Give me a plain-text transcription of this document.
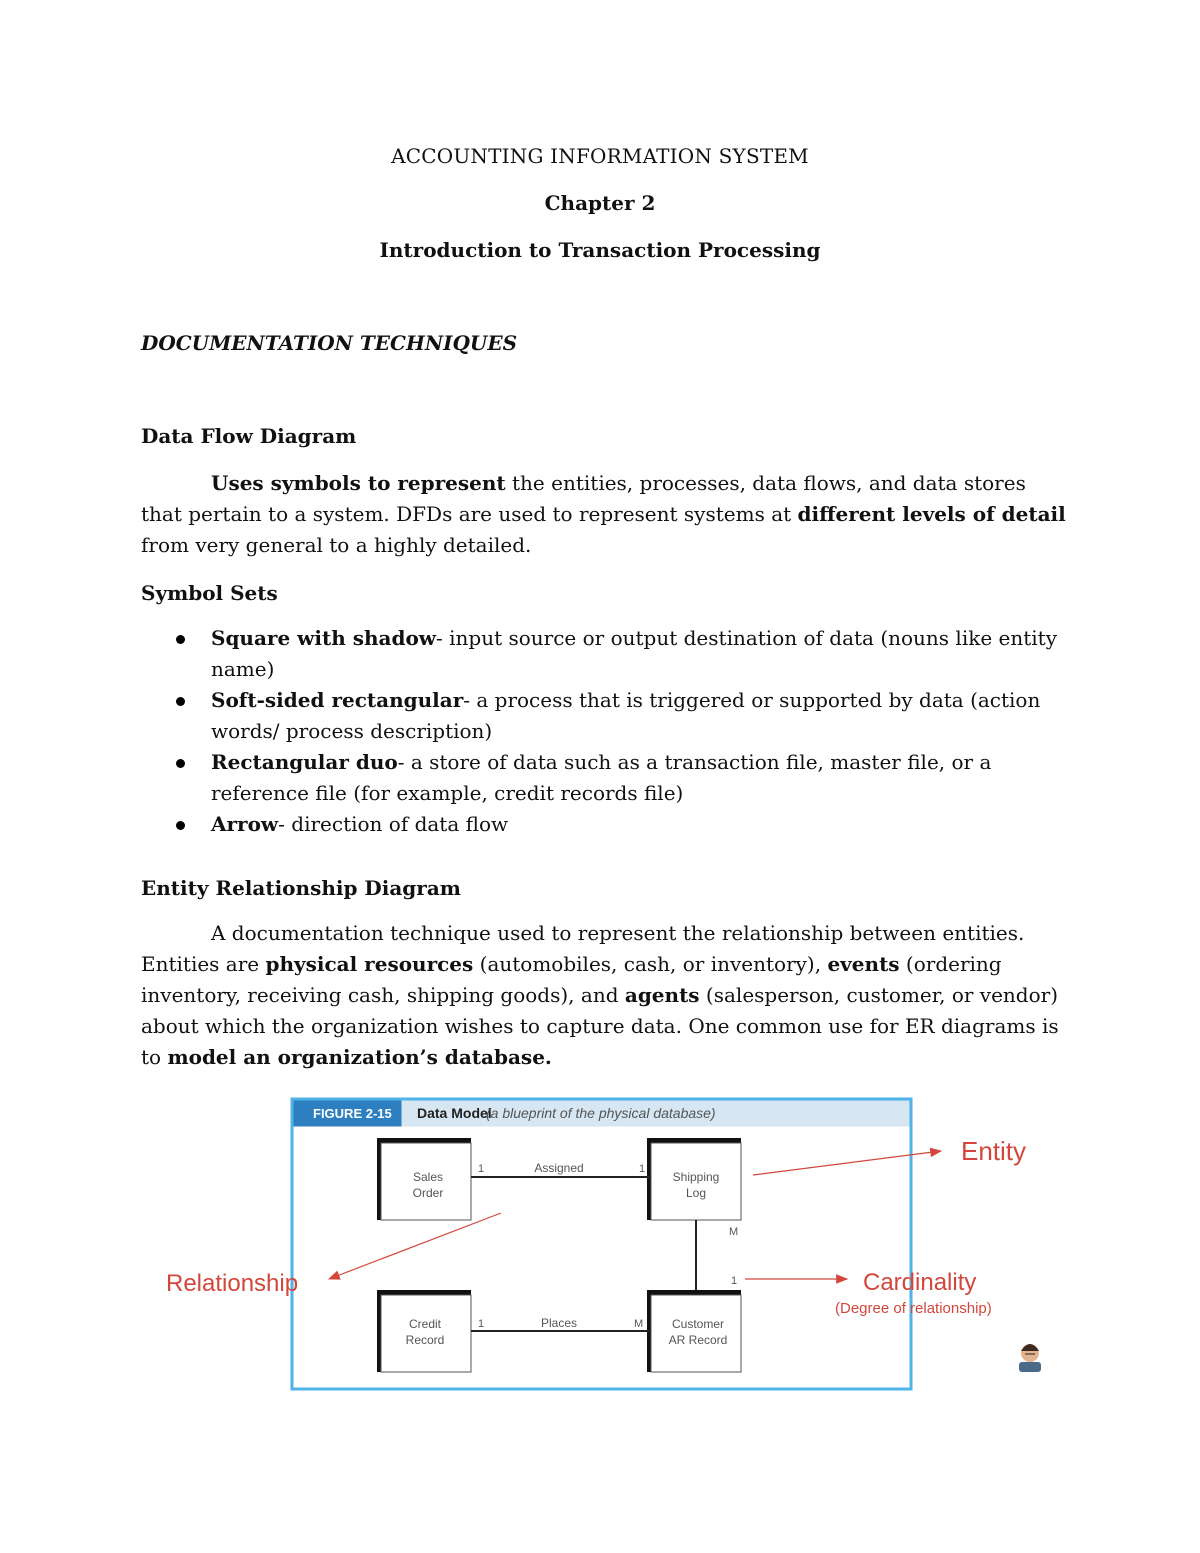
ACCOUNTING INFORMATION SYSTEM
Chapter 2
Introduction to Transaction Processing
DOCUMENTATION TECHNIQUES
Data Flow Diagram
Uses symbols to represent the entities, processes, data flows, and data stores that pertain to a system. DFDs are used to represent systems at different levels of detail from very general to a highly detailed.
Symbol Sets
Square with shadow- input source or output destination of data (nouns like entity name)
Soft-sided rectangular- a process that is triggered or supported by data (action words/ process description)
Rectangular duo- a store of data such as a transaction file, master file, or a reference file (for example, credit records file)
Arrow- direction of data flow
Entity Relationship Diagram
A documentation technique used to represent the relationship between entities. Entities are physical resources (automobiles, cash, or inventory), events (ordering inventory, receiving cash, shipping goods), and agents (salesperson, customer, or vendor) about which the organization wishes to capture data. One common use for ER diagrams is to model an organization’s database.
FIGURE 2-15 Data Model
(a blueprint of the physical database)
Sales
Order
Shipping
Log
Credit
Record
Customer
AR Record
Assigned
Places
1	1
1	M
M
1
Entity
Relationship	Cardinality
(Degree of relationship)
